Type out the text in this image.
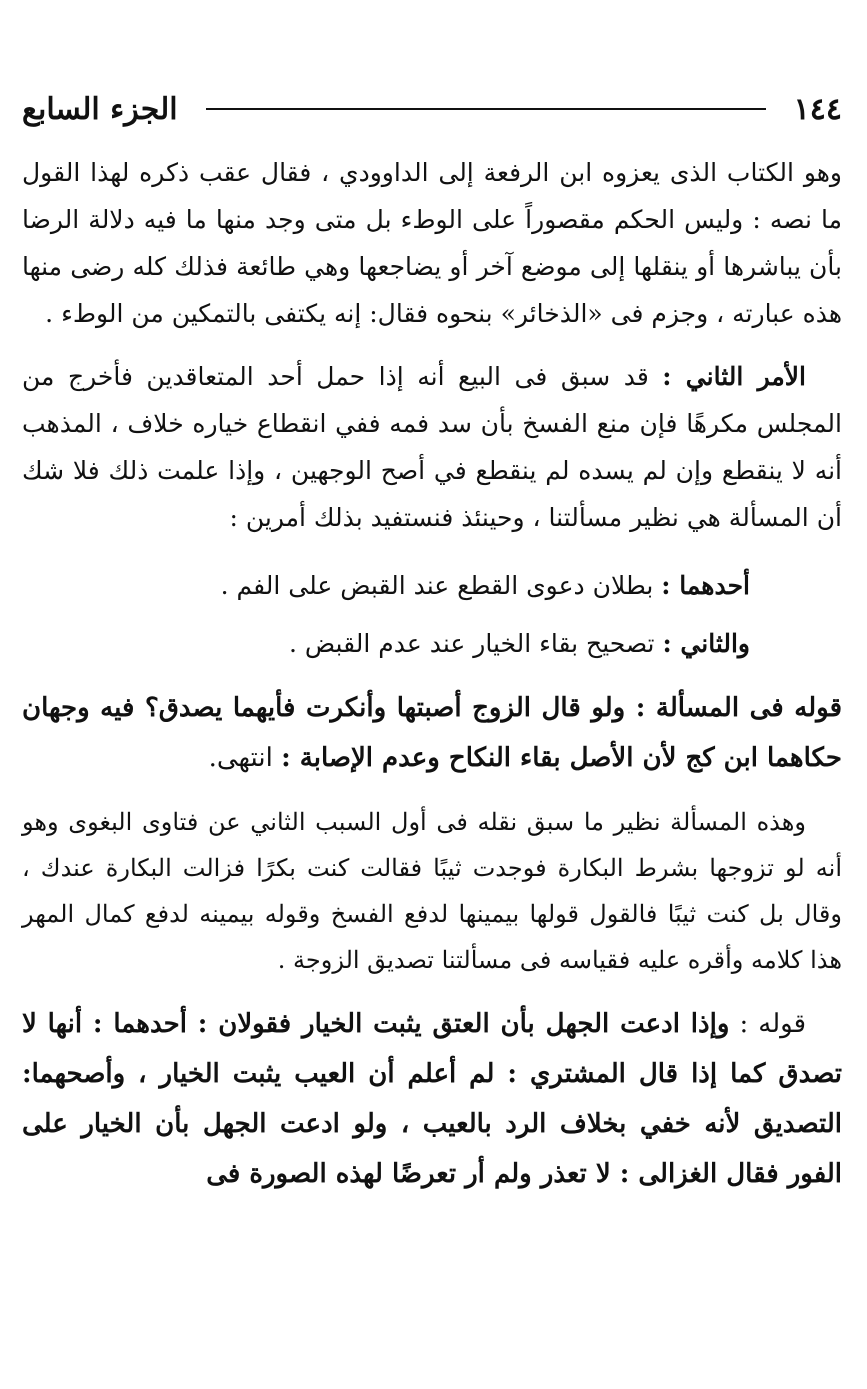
١٤٤
الجزء السابع

وهو الكتاب الذى يعزوه ابن الرفعة إلى الداوودي ، فقال عقب ذكره لهذا القول ما نصه : وليس الحكم مقصوراً على الوطء بل متى وجد منها ما فيه دلالة الرضا بأن يباشرها أو ينقلها إلى موضع آخر أو يضاجعها وهي طائعة فذلك كله رضى منها هذه عبارته ، وجزم فى «الذخائر» بنحوه فقال: إنه يكتفى بالتمكين من الوطء .

الأمر الثاني : قد سبق فى البيع أنه إذا حمل أحد المتعاقدين فأخرج من المجلس مكرهًا فإن منع الفسخ بأن سد فمه ففي انقطاع خياره خلاف ، المذهب أنه لا ينقطع وإن لم يسده لم ينقطع في أصح الوجهين ، وإذا علمت ذلك فلا شك أن المسألة هي نظير مسألتنا ، وحينئذ فنستفيد بذلك أمرين :

أحدهما : بطلان دعوى القطع عند القبض على الفم .

والثاني : تصحيح بقاء الخيار عند عدم القبض .

قوله فى المسألة : ولو قال الزوج أصبتها وأنكرت فأيهما يصدق؟ فيه وجهان حكاهما ابن كج لأن الأصل بقاء النكاح وعدم الإصابة : انتهى.

وهذه المسألة نظير ما سبق نقله فى أول السبب الثاني عن فتاوى البغوى وهو أنه لو تزوجها بشرط البكارة فوجدت ثيبًا فقالت كنت بكرًا فزالت البكارة عندك ، وقال بل كنت ثيبًا فالقول قولها بيمينها لدفع الفسخ وقوله بيمينه لدفع كمال المهر هذا كلامه وأقره عليه فقياسه فى مسألتنا تصديق الزوجة .

قوله : وإذا ادعت الجهل بأن العتق يثبت الخيار فقولان : أحدهما : أنها لا تصدق كما إذا قال المشتري : لم أعلم أن العيب يثبت الخيار ، وأصحهما: التصديق لأنه خفي بخلاف الرد بالعيب ، ولو ادعت الجهل بأن الخيار على الفور فقال الغزالى : لا تعذر ولم أر تعرضًا لهذه الصورة فى
